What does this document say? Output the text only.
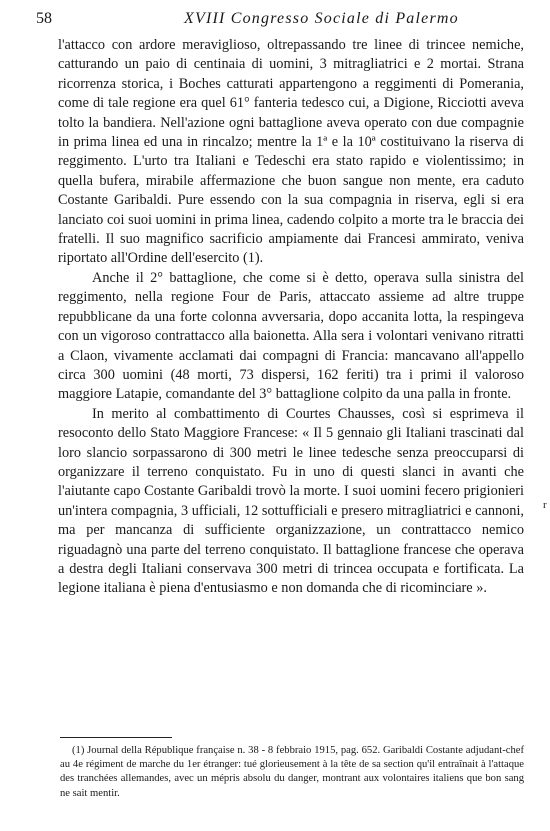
58	XVIII Congresso Sociale di Palermo

l'attacco con ardore meraviglioso, oltrepassando tre linee di trincee nemiche, catturando un paio di centinaia di uomini, 3 mitragliatrici e 2 mortai. Strana ricorrenza storica, i Boches catturati appartengono a reggimenti di Pomerania, come di tale regione era quel 61° fanteria tedesco cui, a Digione, Ricciotti aveva tolto la bandiera. Nell'azione ogni battaglione aveva operato con due compagnie in prima linea ed una in rincalzo; mentre la 1ª e la 10ª costituivano la riserva di reggimento. L'urto tra Italiani e Tedeschi era stato rapido e violentissimo; in quella bufera, mirabile affermazione che buon sangue non mente, era caduto Costante Garibaldi. Pure essendo con la sua compagnia in riserva, egli si era lanciato coi suoi uomini in prima linea, cadendo colpito a morte tra le braccia dei fratelli. Il suo magnifico sacrificio ampiamente dai Francesi ammirato, veniva riportato all'Ordine dell'esercito (1).

Anche il 2° battaglione, che come si è detto, operava sulla sinistra del reggimento, nella regione Four de Paris, attaccato assieme ad altre truppe repubblicane da una forte colonna avversaria, dopo accanita lotta, la respingeva con un vigoroso contrattacco alla baionetta. Alla sera i volontari venivano ritratti a Claon, vivamente acclamati dai compagni di Francia: mancavano all'appello circa 300 uomini (48 morti, 73 dispersi, 162 feriti) tra i primi il valoroso maggiore Latapie, comandante del 3° battaglione colpito da una palla in fronte.

In merito al combattimento di Courtes Chausses, così si esprimeva il resoconto dello Stato Maggiore Francese: « Il 5 gennaio gli Italiani trascinati dal loro slancio sorpassarono di 300 metri le linee tedesche senza preoccuparsi di organizzare il terreno conquistato. Fu in uno di questi slanci in avanti che l'aiutante capo Costante Garibaldi trovò la morte. I suoi uomini fecero prigionieri un'intera compagnia, 3 ufficiali, 12 sottufficiali e presero mitragliatrici e cannoni, ma per mancanza di sufficiente organizzazione, un contrattacco nemico riguadagnò una parte del terreno conquistato. Il battaglione francese che operava a destra degli Italiani conservava 300 metri di trincea occupata e fortificata. La legione italiana è piena d'entusiasmo e non domanda che di ricominciare ».

r

(1) Journal della République française n. 38 - 8 febbraio 1915, pag. 652. Garibaldi Costante adjudant-chef au 4e régiment de marche du 1er étranger: tué glorieusement à la tête de sa section qu'il entraînait à l'attaque des tranchées allemandes, avec un mépris absolu du danger, montrant aux volontaires italiens que bon sang ne sait mentir.
